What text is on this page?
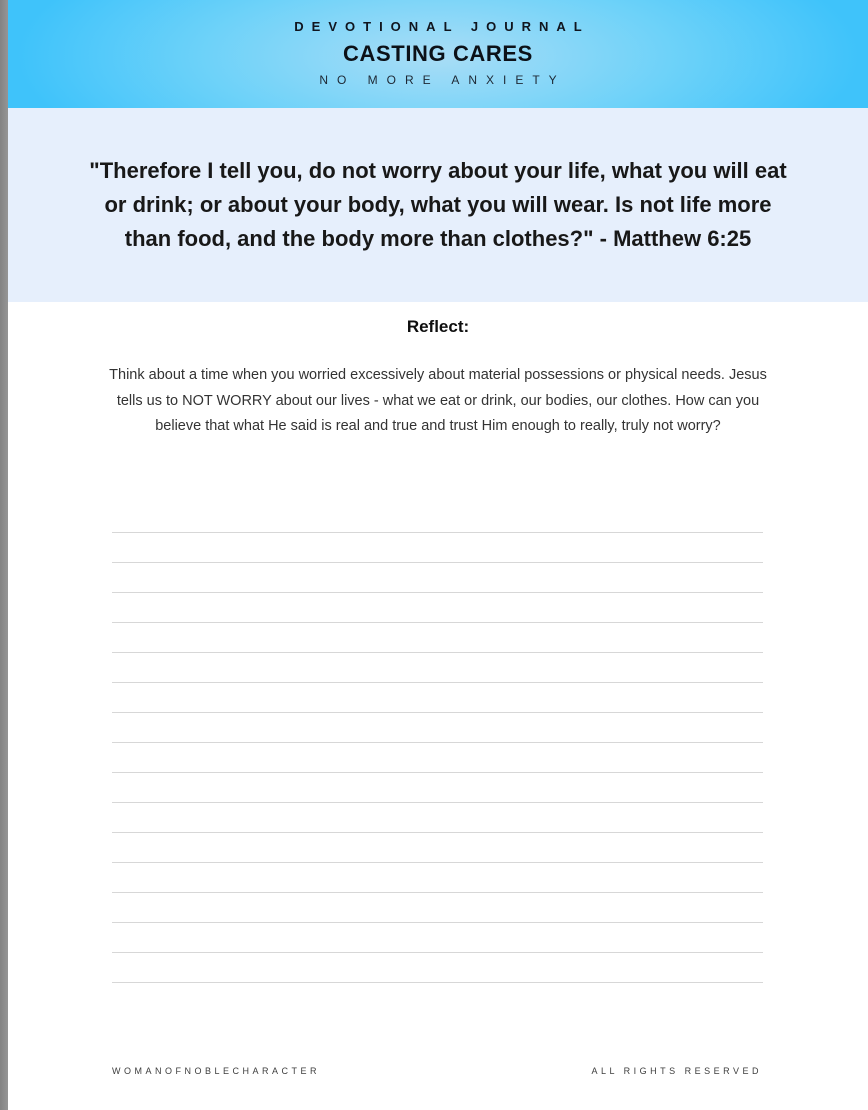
DEVOTIONAL JOURNAL
CASTING CARES
NO MORE ANXIETY
"Therefore I tell you, do not worry about your life, what you will eat or drink; or about your body, what you will wear. Is not life more than food, and the body more than clothes?" - Matthew 6:25
Reflect:
Think about a time when you worried excessively about material possessions or physical needs. Jesus tells us to NOT WORRY about our lives - what we eat or drink, our bodies, our clothes. How can you believe that what He said is real and true and trust Him enough to really, truly not worry?
WOMANOFNOBLECHARACTER	ALL RIGHTS RESERVED
